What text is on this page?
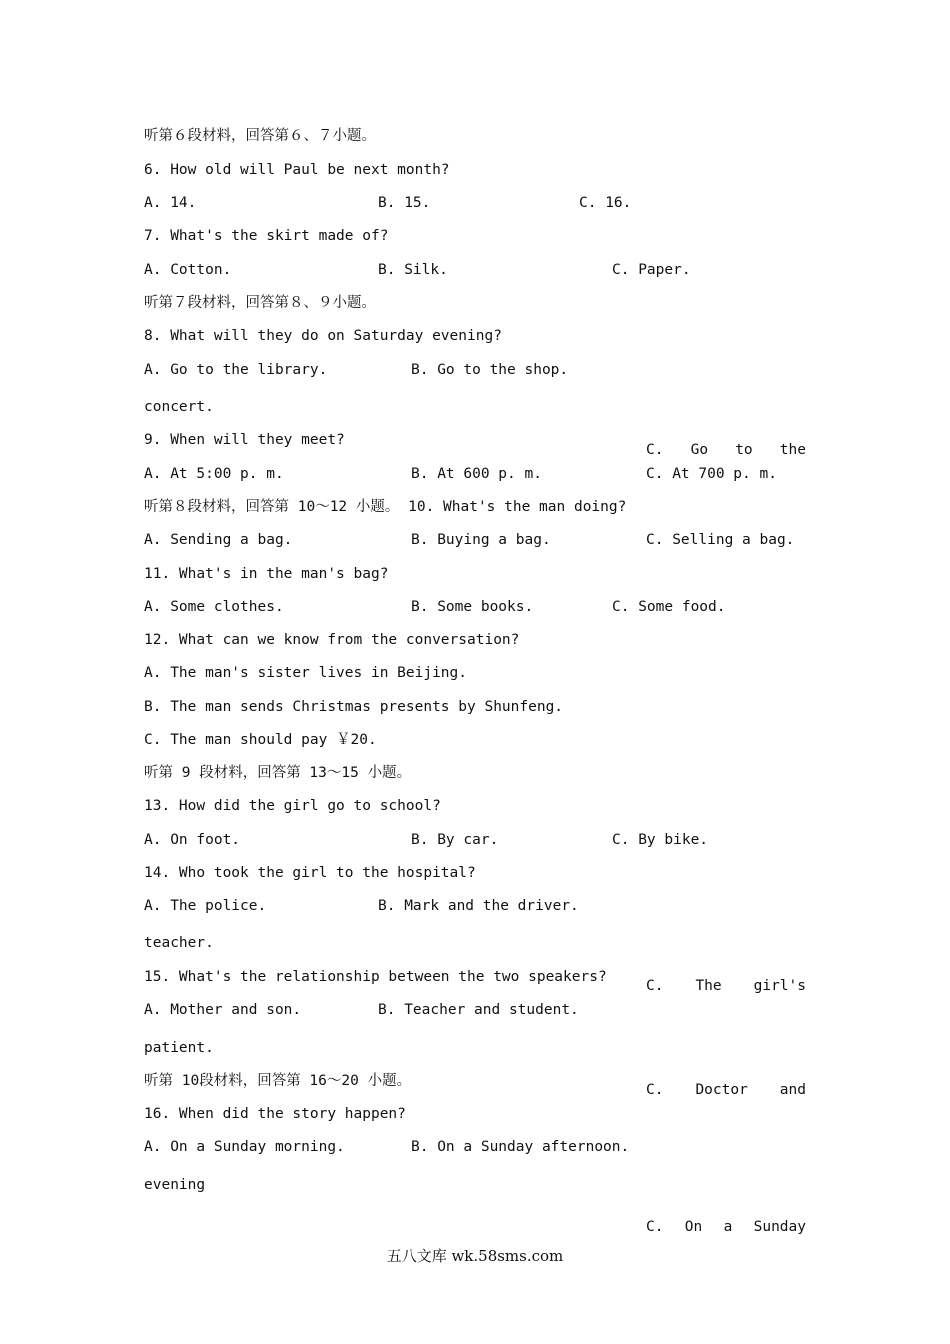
听第６段材料，回答第６、７小题。
6. How old will Paul be next month?
A. 14.	B. 15.	C. 16.
7. What's the skirt made of?
A. Cotton.	B. Silk.	C. Paper.
听第７段材料，回答第８、９小题。
8. What will they do on Saturday evening?

A. Go to the library.

	B. Go to the shop.

C. Go to the

concert.
9. When will they meet?
A. At 5:00 p. m.	B. At 600 p. m.	C. At 700 p. m.
听第８段材料，回答第 10～12 小题。 10. What's the man doing?
A. Sending a bag.	B. Buying a bag.	C. Selling a bag.
11. What's in the man's bag?
A. Some clothes.	B. Some books.	C. Some food.
12. What can we know from the conversation?
A. The man's sister lives in Beijing.
B. The man sends Christmas presents by Shunfeng.
C. The man should pay ￥20.
听第 9 段材料，回答第 13～15 小题。
13. How did the girl go to school?
A. On foot.	B. By car.	C. By bike.
14. Who took the girl to the hospital?

A. The police.

	B. Mark and the driver.

C. The girl's

teacher.
15. What's the relationship between the two speakers?

A. Mother and son.

	B. Teacher and student.

C. Doctor and

patient.
听第 10段材料，回答第 16～20 小题。
16. When did the story happen?

A. On a Sunday morning.

	B. On a Sunday afternoon.

C. On a Sunday

evening
五八文库 wk.58sms.com
